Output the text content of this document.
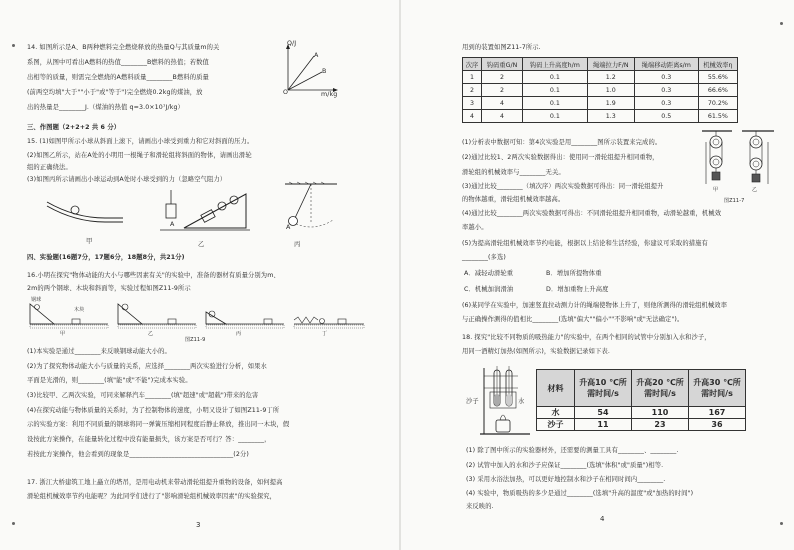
14. 如图所示是A、B两种燃料完全燃烧释放的热量Q与其质量m的关
系图，从图中可看出A燃料的热值________B燃料的热值；若数值
出相等的质量，则需完全燃烧的A燃料质量________B燃料的质量
(前两空均填"大于""小于"或"等于")完全燃烧0.2kg的煤油，放
出的热量是________J.（煤油的热值 q=3.0×10⁷J/kg）
Q/J
m/kg
O
A
B
三、作图题（2+2+2 共 6 分）
15. (1)如图甲所示小球从斜面上滚下，请画出小球受到重力和它对斜面的压力。
(2)如图乙所示，站在A处的小明用一根绳子和滑轮组将斜面的物体，请画出滑轮
组的正确绕法。
(3)如图丙所示请画出小球运动到A处时小球受到的力（忽略空气阻力）
A	A
甲	乙	丙
四、实验题(16题7分，17题6分，18题8分，共21分)
16.小明在探究"物体动能的大小与哪些因素有关"的实验中，准备的器材有质量分别为m、
2m的两个钢球、木块和斜面等，实验过程如图Z11-9所示
钢球
木块
甲	乙	丙	丁
图Z11-9
(1)本实验是通过________来反映钢球动能大小的。
(2)为了探究物体动能大小与质量的关系，应选择________两次实验进行分析，如果水
平面是光滑的，则________(填"能"或"不能")完成本实验。
(3)比较甲、乙两次实验，可同来解释汽车________(填"超速"或"超载")带来的危害
(4)在探究动能与物体质量的关系时，为了控制物体的速度，小明又设计了如图Z11-9丁所
示的实验方案：利用不同质量的钢球将同一弹簧压缩相同程度后静止释放，推出同一木块，假
设按此方案操作，在能量转化过程中没有能量损失，该方案是否可行？答：________，
若按此方案操作，他会看到的现象是________________________________(2分)
17. 浙江大桥建筑工地上矗立的塔吊，是用电动机来带动滑轮组提升重物的设备，如何提高
滑轮组机械效率节约电能呢？为此同学们进行了"影响滑轮组机械效率因素"的实验探究，
3
用到的装置如图Z11-7所示.
次序	钩码重G/N	钩码上升高度h/m	绳端拉力F/N	绳端移动距离s/m	机械效率η
1	2	0.1	1.2	0.3	55.6%
2	2	0.1	1.0	0.3	66.6%
3	4	0.1	1.9	0.3	70.2%
4	4	0.1	1.3	0.5	61.5%
甲	乙
图Z11-7
(1)分析表中数据可知：第4次实验是用________图所示装置来完成的。
(2)通过比较1、2两次实验数据得出：使用同一滑轮组提升相同重物，
滑轮组的机械效率与________无关。
(3)通过比较________（填次序）两次实验数据可得出：同一滑轮组提升
的物体越重，滑轮组机械效率越高。
(4)通过比较________两次实验数据可得出：不同滑轮组提升相同重物，动滑轮越重，机械效
率越小。
(5)为提高滑轮组机械效率节约电能，根据以上结论和生活经验，你建议可采取的措施有
________(多选)
A．减轻动滑轮重	B．增加所提物体重
C．机械加润滑油	D．增加重物上升高度
(6)某同学在实验中，加速竖直拉动测力计的绳端使物体上升了，则他所测得的滑轮组机械效率
与正确操作测得的值相比________(选填"偏大""偏小""不影响"或"无法确定")。
18. 探究"比较不同物质的吸热能力"的实验中，在两个相同的试管中分别加入水和沙子，
用同一酒精灯加热(如图所示)，实验数据记录如下表.
沙子	水
材料	升高10 ℃所需时间/s	升高20 ℃所需时间/s	升高30 ℃所需时间/s
水	54	110	167
沙子	11	23	36
(1) 除了图中所示的实验器材外，还需要的测量工具有________、________.
(2) 试管中加入的水和沙子应保证________(选填"体积"或"质量")相等.
(3) 采用水浴法加热，可以更好地控制水和沙子在相同时间内________.
(4) 实验中，物质吸热的多少是通过________(选填"升高的温度"或"加热的时间")
来反映的.
4
